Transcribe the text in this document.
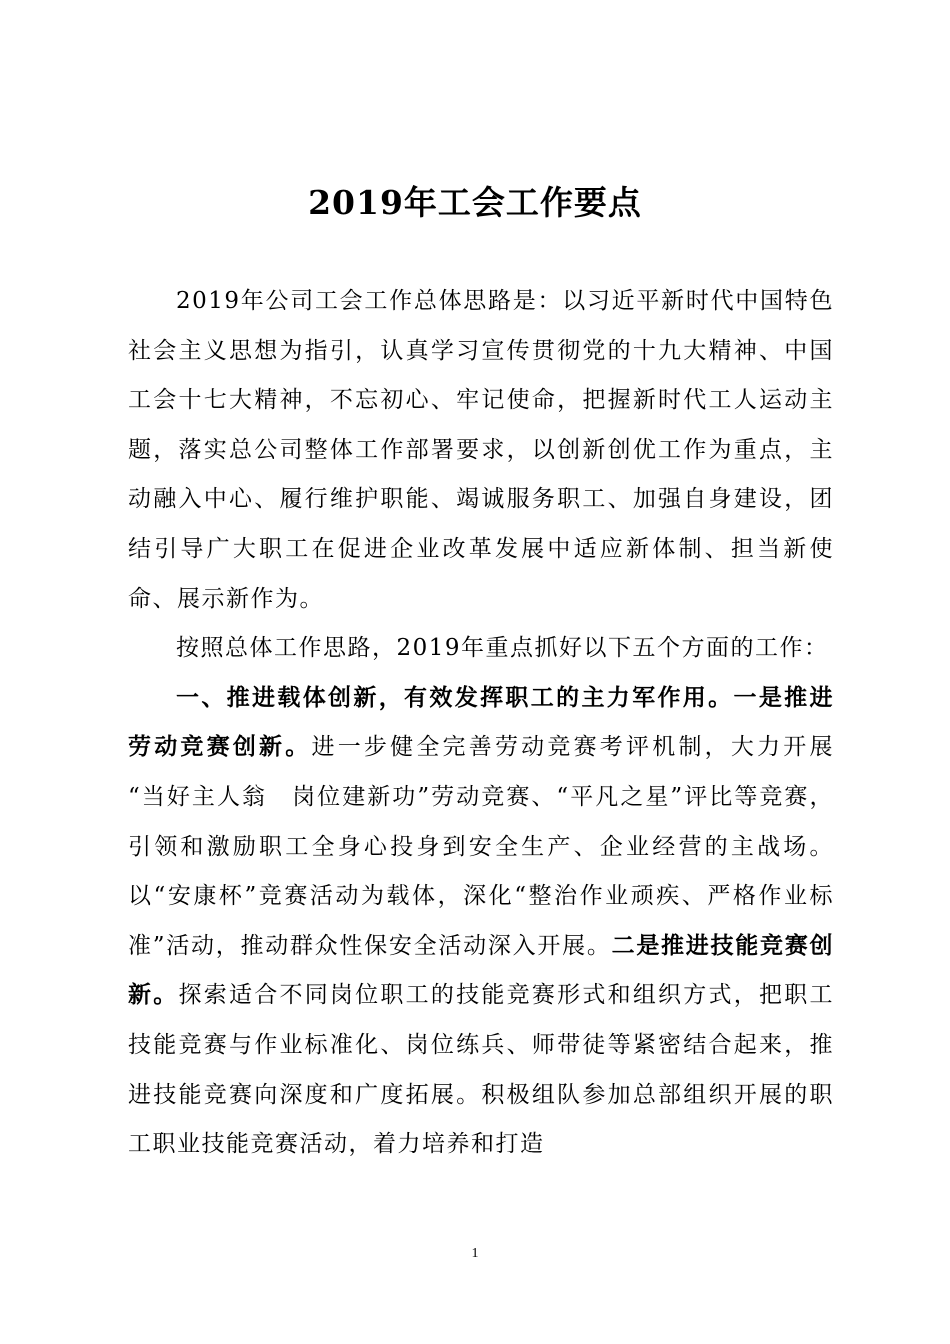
2019年工会工作要点

2019年公司工会工作总体思路是：以习近平新时代中国特色社会主义思想为指引，认真学习宣传贯彻党的十九大精神、中国工会十七大精神，不忘初心、牢记使命，把握新时代工人运动主题，落实总公司整体工作部署要求，以创新创优工作为重点，主动融入中心、履行维护职能、竭诚服务职工、加强自身建设，团结引导广大职工在促进企业改革发展中适应新体制、担当新使命、展示新作为。

按照总体工作思路，2019年重点抓好以下五个方面的工作：

一、推进载体创新，有效发挥职工的主力军作用。一是推进劳动竞赛创新。进一步健全完善劳动竞赛考评机制，大力开展 “当好主人翁　岗位建新功”劳动竞赛、“平凡之星”评比等竞赛，引领和激励职工全身心投身到安全生产、企业经营的主战场。以“安康杯”竞赛活动为载体，深化“整治作业顽疾、严格作业标准”活动，推动群众性保安全活动深入开展。二是推进技能竞赛创新。探索适合不同岗位职工的技能竞赛形式和组织方式，把职工技能竞赛与作业标准化、岗位练兵、师带徒等紧密结合起来，推进技能竞赛向深度和广度拓展。积极组队参加总部组织开展的职工职业技能竞赛活动，着力培养和打造

1
